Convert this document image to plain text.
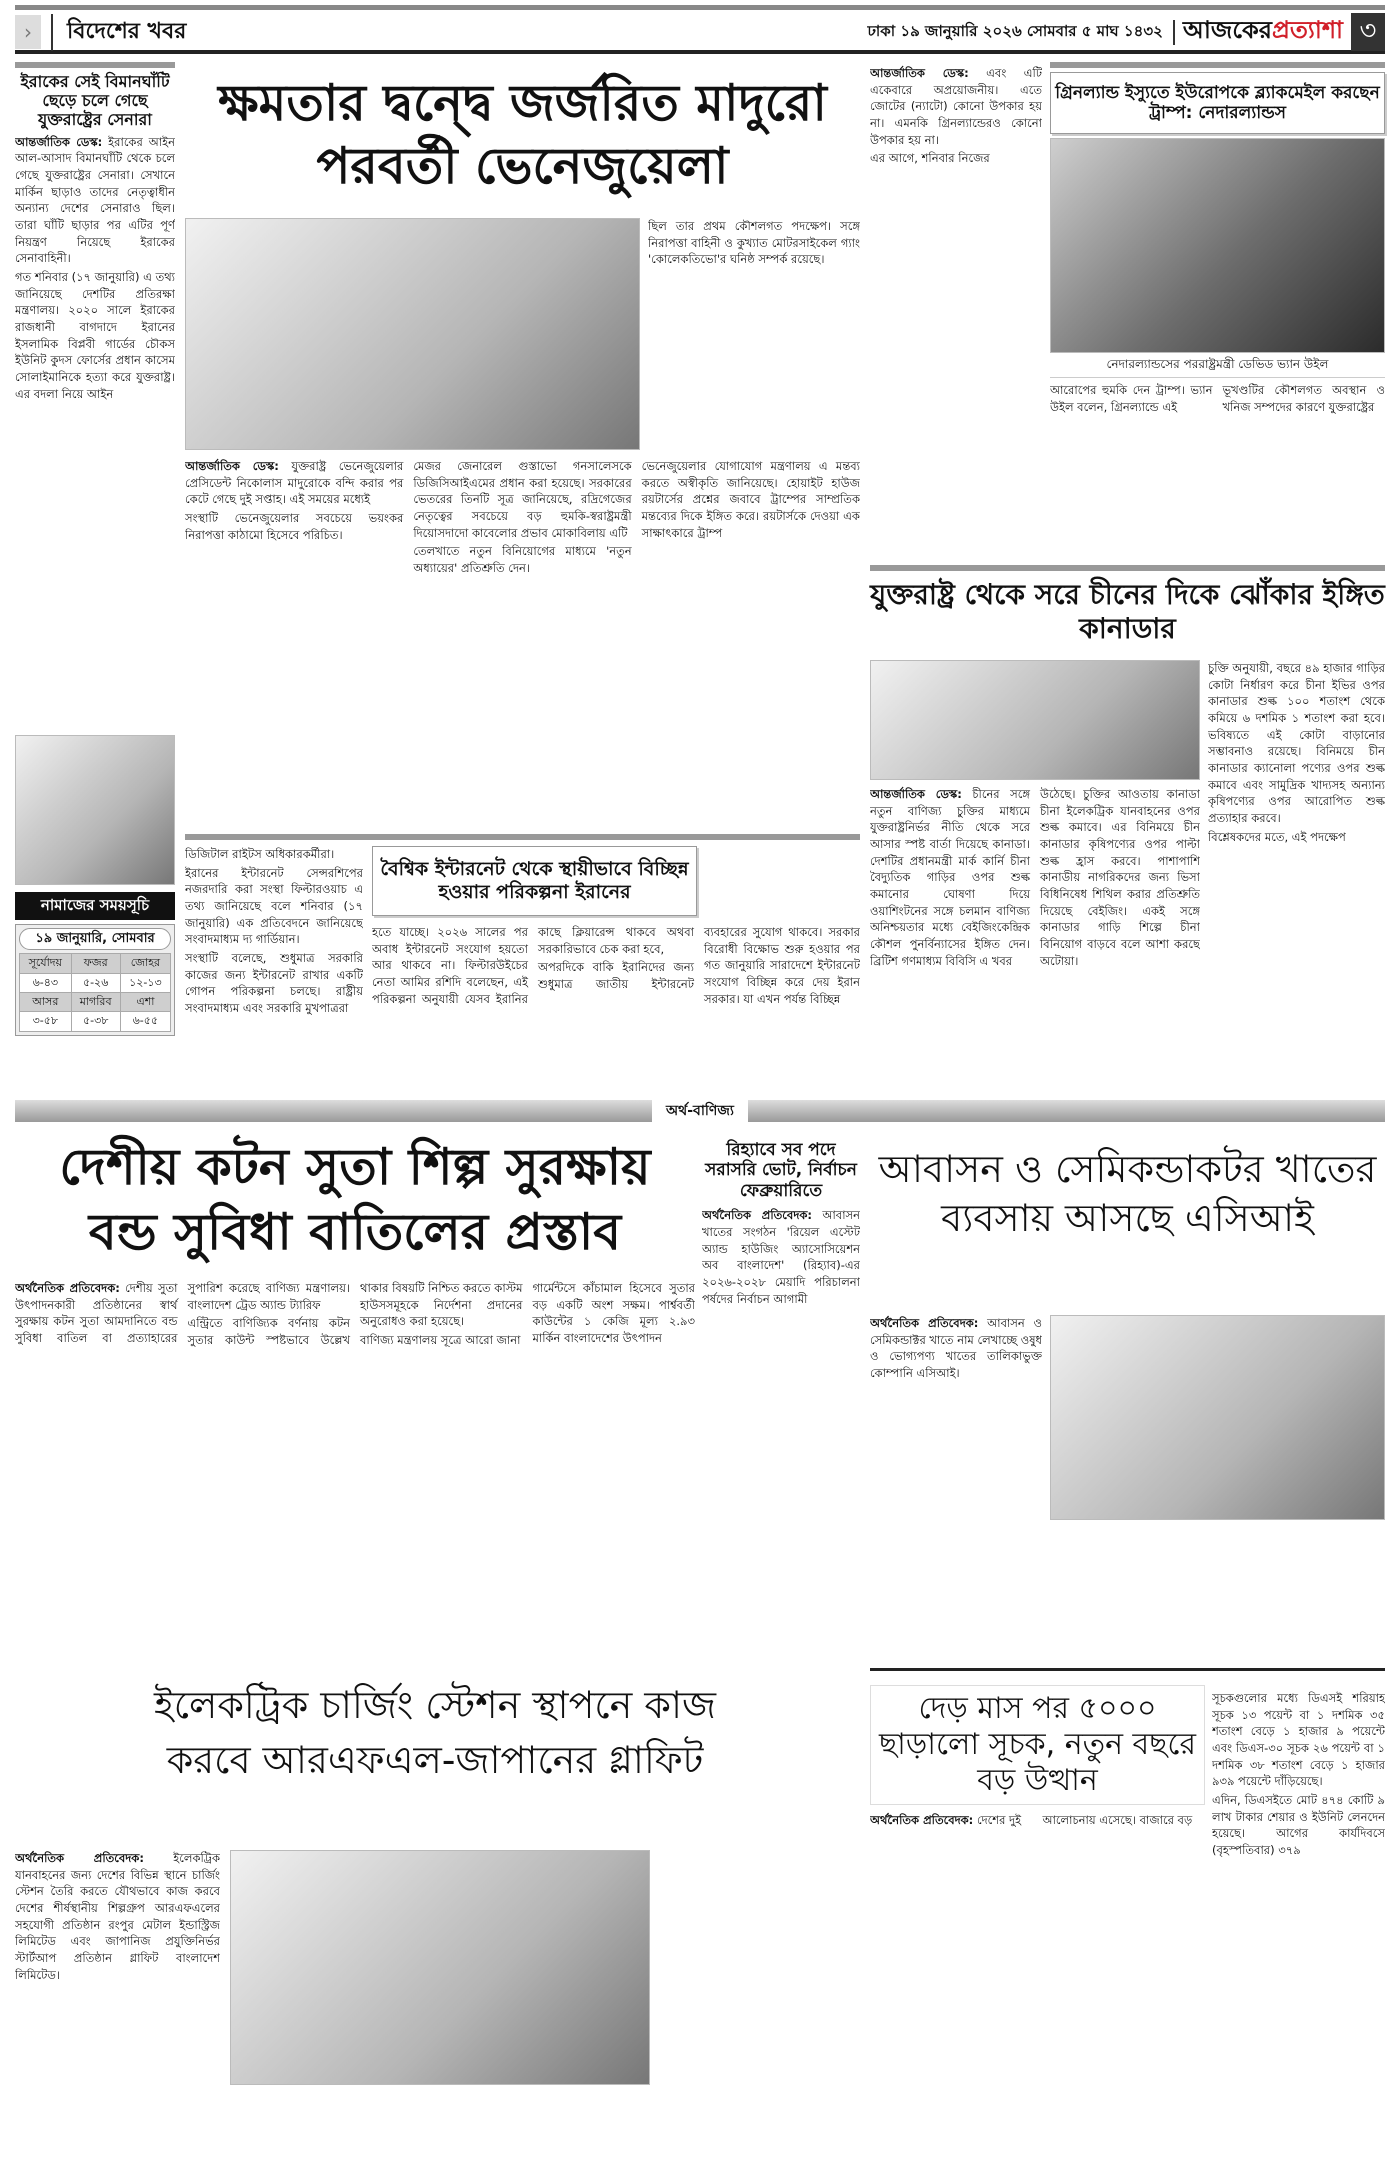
›	বিদেশের খবর	ঢাকা ১৯ জানুয়ারি ২০২৬ সোমবার ৫ মাঘ ১৪৩২ আজকের প্রত্যাশা ৩
ইরাকের সেই বিমানঘাঁটি ছেড়ে চলে গেছে যুক্তরাষ্ট্রের সেনারা

আন্তর্জাতিক ডেস্ক: ইরাকের আইন আল-আসাদ বিমানঘাঁটি থেকে চলে গেছে যুক্তরাষ্ট্রের সেনারা। সেখানে মার্কিন ছাড়াও তাদের নেতৃত্বাধীন অন্যান্য দেশের সেনারাও ছিল। তারা ঘাঁটি ছাড়ার পর এটির পূর্ণ নিয়ন্ত্রণ নিয়েছে ইরাকের সেনাবাহিনী।

গত শনিবার (১৭ জানুয়ারি) এ তথ্য জানিয়েছে দেশটির প্রতিরক্ষা মন্ত্রণালয়। ২০২০ সালে ইরাকের রাজধানী বাগদাদে ইরানের ইসলামিক বিপ্লবী গার্ডের চৌকস ইউনিট কুদস ফোর্সের প্রধান কাসেম সোলাইমানিকে হত্যা করে যুক্তরাষ্ট্র। এর বদলা নিয়ে আইন

নামাজের সময়সূচি
১৯ জানুয়ারি, সোমবার
সূর্যোদয়	ফজর	জোহর
৬-৪৩	৫-২৬	১২-১৩
আসর	মাগরিব	এশা
৩-৫৮	৫-৩৮	৬-৫৫
ক্ষমতার দ্বন্দ্বে জর্জরিত মাদুরো
পরবর্তী ভেনেজুয়েলা

ছিল তার প্রথম কৌশলগত পদক্ষেপ। সঙ্গে নিরাপত্তা বাহিনী ও কুখ্যাত মোটরসাইকেল গ্যাং 'কোলেকতিভো'র ঘনিষ্ঠ সম্পর্ক রয়েছে।

আন্তর্জাতিক ডেস্ক: যুক্তরাষ্ট্র ভেনেজুয়েলার প্রেসিডেন্ট নিকোলাস মাদুরোকে বন্দি করার পর কেটে গেছে দুই সপ্তাহ। এই সময়ের মধ্যেই

সংস্থাটি ভেনেজুয়েলার সবচেয়ে ভয়ংকর নিরাপত্তা কাঠামো হিসেবে পরিচিত।

মেজর জেনারেল গুস্তাভো গনসালেসকে ডিজিসিআইএমের প্রধান করা হয়েছে। সরকারের ভেতরের তিনটি সূত্র জানিয়েছে, রদ্রিগেজের নেতৃত্বের সবচেয়ে বড় হুমকি-স্বরাষ্ট্রমন্ত্রী দিয়োসদাদো কাবেলোর প্রভাব মোকাবিলায় এটি

তেলখাতে নতুন বিনিয়োগের মাধ্যমে 'নতুন অধ্যায়ের' প্রতিশ্রুতি দেন।

ভেনেজুয়েলার যোগাযোগ মন্ত্রণালয় এ মন্তব্য করতে অস্বীকৃতি জানিয়েছে। হোয়াইট হাউজ রয়টার্সের প্রশ্নের জবাবে ট্রাম্পের সাম্প্রতিক মন্তব্যের দিকে ইঙ্গিত করে। রয়টার্সকে দেওয়া এক সাক্ষাৎকারে ট্রাম্প

ডিজিটাল রাইটস অধিকারকর্মীরা।

ইরানের ইন্টারনেট সেন্সরশিপের নজরদারি করা সংস্থা ফিল্টারওয়াচ এ তথ্য জানিয়েছে বলে শনিবার (১৭ জানুয়ারি) এক প্রতিবেদনে জানিয়েছে সংবাদমাধ্যম দ্য গার্ডিয়ান।

সংস্থাটি বলেছে, শুধুমাত্র সরকারি কাজের জন্য ইন্টারনেট রাখার একটি গোপন পরিকল্পনা চলছে। রাষ্ট্রীয় সংবাদমাধ্যম এবং সরকারি মুখপাত্ররা

বৈশ্বিক ইন্টারনেট থেকে স্থায়ীভাবে বিচ্ছিন্ন হওয়ার পরিকল্পনা ইরানের

হতে যাচ্ছে। ২০২৬ সালের পর অবাধ ইন্টারনেট সংযোগ হয়তো আর থাকবে না। ফিল্টারউইচের নেতা আমির রশিদি বলেছেন, এই পরিকল্পনা অনুযায়ী যেসব ইরানির কাছে ক্লিয়ারেন্স থাকবে অথবা সরকারিভাবে চেক করা হবে,

অপরদিকে বাকি ইরানিদের জন্য শুধুমাত্র জাতীয় ইন্টারনেট ব্যবহারের সুযোগ থাকবে। সরকার বিরোধী বিক্ষোভ শুরু হওয়ার পর গত জানুয়ারি সারাদেশে ইন্টারনেট সংযোগ বিচ্ছিন্ন করে দেয় ইরান সরকার। যা এখন পর্যন্ত বিচ্ছিন্ন

আন্তর্জাতিক ডেস্ক: এবং এটি একেবারে অপ্রয়োজনীয়। এতে জোটের (ন্যাটো) কোনো উপকার হয় না। এমনকি গ্রিনল্যান্ডেরও কোনো উপকার হয় না।

এর আগে, শনিবার নিজের

গ্রিনল্যান্ড ইস্যুতে ইউরোপকে ব্ল্যাকমেইল করছেন ট্রাম্প: নেদারল্যান্ডস
নেদারল্যান্ডসের পররাষ্ট্রমন্ত্রী ডেভিড ভ্যান উইল

আরোপের হুমকি দেন ট্রাম্প। ভ্যান উইল বলেন, গ্রিনল্যান্ডে এই

ভূখণ্ডটির কৌশলগত অবস্থান ও খনিজ সম্পদের কারণে যুক্তরাষ্ট্রের

যুক্তরাষ্ট্র থেকে সরে চীনের দিকে ঝোঁকার ইঙ্গিত কানাডার

আন্তর্জাতিক ডেস্ক: চীনের সঙ্গে নতুন বাণিজ্য চুক্তির মাধ্যমে যুক্তরাষ্ট্রনির্ভর নীতি থেকে সরে আসার স্পষ্ট বার্তা দিয়েছে কানাডা। দেশটির প্রধানমন্ত্রী মার্ক কার্নি চীনা বৈদ্যুতিক গাড়ির ওপর শুল্ক কমানোর ঘোষণা দিয়ে ওয়াশিংটনের সঙ্গে চলমান বাণিজ্য অনিশ্চয়তার মধ্যে বেইজিংকেন্দ্রিক কৌশল পুনর্বিন্যাসের ইঙ্গিত দেন। ব্রিটিশ গণমাধ্যম বিবিসি এ খবর

উঠেছে। চুক্তির আওতায় কানাডা চীনা ইলেকট্রিক যানবাহনের ওপর শুল্ক কমাবে। এর বিনিময়ে চীন কানাডার কৃষিপণ্যের ওপর পাল্টা শুল্ক হ্রাস করবে। পাশাপাশি কানাডীয় নাগরিকদের জন্য ভিসা বিধিনিষেধ শিথিল করার প্রতিশ্রুতি দিয়েছে বেইজিং। একই সঙ্গে কানাডার গাড়ি শিল্পে চীনা বিনিয়োগ বাড়বে বলে আশা করছে অটোয়া।

চুক্তি অনুযায়ী, বছরে ৪৯ হাজার গাড়ির কোটা নির্ধারণ করে চীনা ইভির ওপর কানাডার শুল্ক ১০০ শতাংশ থেকে কমিয়ে ৬ দশমিক ১ শতাংশ করা হবে। ভবিষ্যতে এই কোটা বাড়ানোর সম্ভাবনাও রয়েছে। বিনিময়ে চীন কানাডার ক্যানোলা পণ্যের ওপর শুল্ক কমাবে এবং সামুদ্রিক খাদ্যসহ অন্যান্য কৃষিপণ্যের ওপর আরোপিত শুল্ক প্রত্যাহার করবে।

বিশ্লেষকদের মতে, এই পদক্ষেপ

অর্থ-বাণিজ্য
দেশীয় কটন সুতা শিল্প সুরক্ষায়
বন্ড সুবিধা বাতিলের প্রস্তাব

অর্থনৈতিক প্রতিবেদক: দেশীয় সুতা উৎপাদনকারী প্রতিষ্ঠানের স্বার্থ সুরক্ষায় কটন সুতা আমদানিতে বন্ড সুবিধা বাতিল বা প্রত্যাহারের সুপারিশ করেছে বাণিজ্য মন্ত্রণালয়। বাংলাদেশ ট্রেড অ্যান্ড ট্যারিফ

এন্ট্রিতে বাণিজ্যিক বর্ণনায় কটন সুতার কাউন্ট স্পষ্টভাবে উল্লেখ থাকার বিষয়টি নিশ্চিত করতে কাস্টম হাউসসমূহকে নির্দেশনা প্রদানের অনুরোধও করা হয়েছে।

বাণিজ্য মন্ত্রণালয় সূত্রে আরো জানা

গার্মেন্টসে কাঁচামাল হিসেবে সুতার বড় একটি অংশ সক্ষম। পার্শ্ববর্তী কাউন্টের ১ কেজি মূল্য ২.৯৩ মার্কিন বাংলাদেশের উৎপাদন

রিহ্যাবে সব পদে সরাসরি ভোট, নির্বাচন ফেব্রুয়ারিতে

অর্থনৈতিক প্রতিবেদক: আবাসন খাতের সংগঠন 'রিয়েল এস্টেট অ্যান্ড হাউজিং অ্যাসোসিয়েশন অব বাংলাদেশ' (রিহ্যাব)-এর ২০২৬-২০২৮ মেয়াদি পরিচালনা পর্ষদের নির্বাচন আগামী

আবাসন ও সেমিকন্ডাকটর খাতের ব্যবসায় আসছে এসিআই

অর্থনৈতিক প্রতিবেদক: আবাসন ও সেমিকন্ডাক্টর খাতে নাম লেখাচ্ছে ওষুধ ও ভোগ্যপণ্য খাতের তালিকাভুক্ত কোম্পানি এসিআই।

ইলেকট্রিক চার্জিং স্টেশন স্থাপনে কাজ
করবে আরএফএল-জাপানের গ্লাফিট

অর্থনৈতিক প্রতিবেদক:	ইলেকট্রিক যানবাহনের জন্য দেশের বিভিন্ন স্থানে চার্জিং স্টেশন তৈরি করতে যৌথভাবে কাজ করবে দেশের শীর্ষস্থানীয় শিল্পগ্রুপ আরএফএলের সহযোগী প্রতিষ্ঠান রংপুর মেটাল ইন্ডাস্ট্রিজ লিমিটেড এবং জাপানিজ প্রযুক্তিনির্ভর স্টার্টআপ প্রতিষ্ঠান গ্লাফিট বাংলাদেশ লিমিটেড।

দেড় মাস পর ৫০০০ ছাড়ালো সূচক, নতুন বছরে বড় উত্থান

অর্থনৈতিক প্রতিবেদক: দেশের দুই	আলোচনায় এসেছে। বাজারে বড়

সূচকগুলোর মধ্যে ডিএসই শরিয়াহ সূচক ১৩ পয়েন্ট বা ১ দশমিক ৩৫ শতাংশ বেড়ে ১ হাজার ৯ পয়েন্টে এবং ডিএস-৩০ সূচক ২৬ পয়েন্ট বা ১ দশমিক ৩৮ শতাংশ বেড়ে ১ হাজার ৯৩৯ পয়েন্টে দাঁড়িয়েছে।

এদিন, ডিএসইতে মোট ৪৭৪ কোটি ৯ লাখ টাকার শেয়ার ও ইউনিট লেনদেন হয়েছে। আগের কার্যদিবসে (বৃহস্পতিবার) ৩৭৯
